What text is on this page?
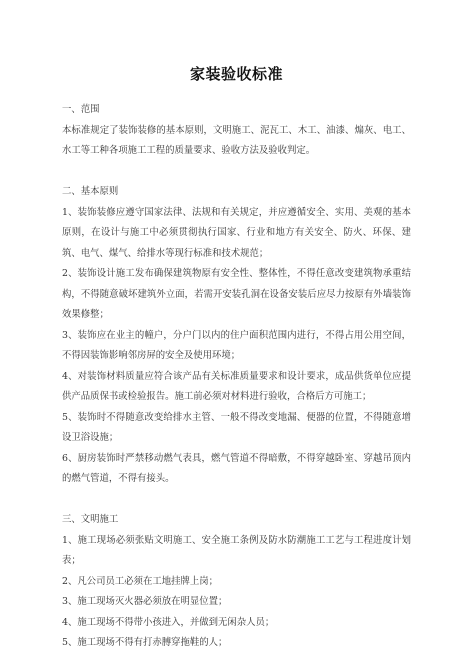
家装验收标准
一、范围
本标准规定了装饰装修的基本原则，文明施工、泥瓦工、木工、油漆、煽灰、电工、水工等工种各项施工工程的质量要求、验收方法及验收判定。
二、基本原则
1、装饰装修应遵守国家法律、法规和有关规定，并应遵循安全、实用、美观的基本原则，在设计与施工中必须贯彻执行国家、行业和地方有关安全、防火、环保、建筑、电气、煤气、给排水等现行标准和技术规范；
2、装饰设计施工发布确保建筑物原有安全性、整体性，不得任意改变建筑物承重结构，不得随意破坏建筑外立面，若需开安装孔洞在设备安装后应尽力按原有外墙装饰效果修整；
3、装饰应在业主的幢户，分户门以内的住户面积范围内进行，不得占用公用空间，不得因装饰影响邻房屏的安全及使用环境；
4、对装饰材料质量应符合该产品有关标准质量要求和设计要求，成品供货单位应提供产品质保书或检验报告。施工前必须对材料进行验收，合格后方可施工；
5、装饰时不得随意改变给排水主管、一般不得改变地漏、便器的位置，不得随意增设卫浴设施；
6、厨房装饰时严禁移动燃气表具，燃气管道不得暗敷，不得穿越卧室、穿越吊顶内的燃气管道，不得有接头。
三、文明施工
1、施工现场必须张贴文明施工、安全施工条例及防水防潮施工工艺与工程进度计划表；
2、凡公司员工必须在工地挂牌上岗；
3、施工现场灭火器必须放在明显位置；
4、施工现场不得带小孩进入，并做到无闲杂人员；
5、施工现场不得有打赤膊穿拖鞋的人；
